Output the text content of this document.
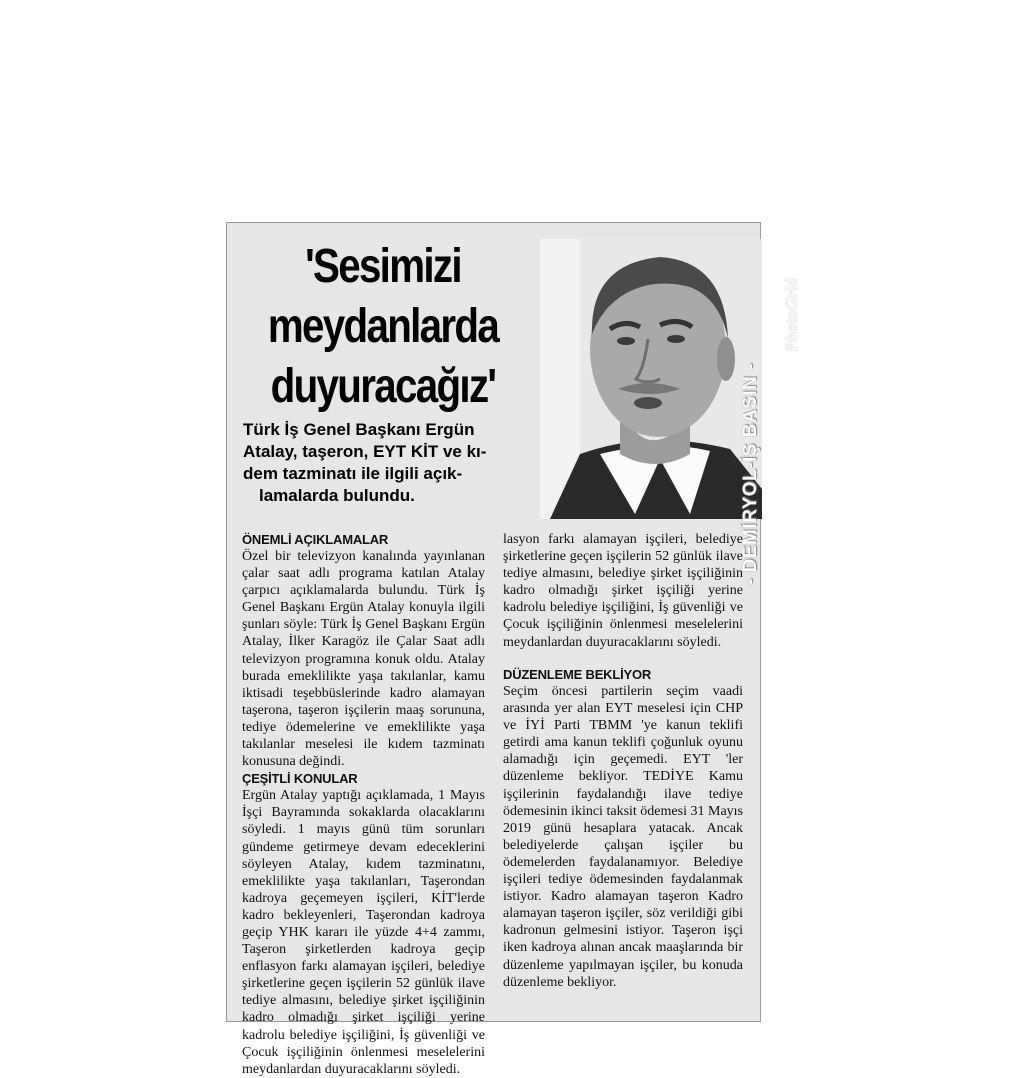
'Sesimizi
meydanlarda
duyuracağız'
Türk İş Genel Başkanı Ergün
Atalay, taşeron, EYT KİT ve kı-
dem tazminatı ile ilgili açık-
lamalarda bulundu.
ÖNEMLİ AÇIKLAMALAR

Özel bir televizyon kanalında yayınlanan çalar saat adlı programa katılan Atalay çarpıcı açıklamalarda bulundu. Türk İş Genel Başkanı Ergün Atalay konuyla ilgili şunları söyle: Türk İş Genel Başkanı Ergün Atalay, İlker Karagöz ile Çalar Saat adlı televizyon programına konuk oldu. Atalay burada emeklilikte yaşa takılanlar, kamu iktisadi teşebbüslerinde kadro alamayan taşerona, taşeron işçilerin maaş sorununa, tediye ödemelerine ve emeklilikte yaşa takılanlar meselesi ile kıdem tazminatı konusuna değindi.

ÇEŞİTLİ KONULAR

Ergün Atalay yaptığı açıklamada, 1 Mayıs İşçi Bayramında sokaklarda olacaklarını söyledi. 1 mayıs günü tüm sorunları gündeme getirmeye devam edeceklerini söyleyen Atalay, kıdem tazminatını, emeklilikte yaşa takılanları, Taşerondan kadroya geçemeyen işçileri, KİT'lerde kadro bekleyenleri, Taşerondan kadroya geçip YHK kararı ile yüzde 4+4 zammı, Taşeron şirketlerden kadroya geçip enflasyon farkı alamayan işçileri, belediye şirketlerine geçen işçilerin 52 günlük ilave tediye almasını, belediye şirket işçiliğinin kadro olmadığı şirket işçiliği yerine kadrolu belediye işçiliğini, İş güvenliği ve Çocuk işçiliğinin önlenmesi meselelerini meydanlardan duyuracaklarını söyledi.

lasyon farkı alamayan işçileri, belediye şirketlerine geçen işçilerin 52 günlük ilave tediye almasını, belediye şirket işçiliğinin kadro olmadığı şirket işçiliği yerine kadrolu belediye işçiliğini, İş güvenliği ve Çocuk işçiliğinin önlenmesi meselelerini meydanlardan duyuracaklarını söyledi.

DÜZENLEME BEKLİYOR

Seçim öncesi partilerin seçim vaadi arasında yer alan EYT meselesi için CHP ve İYİ Parti TBMM 'ye kanun teklifi getirdi ama kanun teklifi çoğunluk oyunu alamadığı için geçemedi. EYT 'ler düzenleme bekliyor. TEDİYE Kamu işçilerinin faydalandığı ilave tediye ödemesinin ikinci taksit ödemesi 31 Mayıs 2019 günü hesaplara yatacak. Ancak belediyelerde çalışan işçiler bu ödemelerden faydalanamıyor. Belediye işçileri tediye ödemesinden faydalanmak istiyor. Kadro alamayan taşeron Kadro alamayan taşeron işçiler, söz verildiği gibi kadronun gelmesini istiyor. Taşeron işçi iken kadroya alınan ancak maaşlarında bir düzenleme yapılmayan işçiler, bu konuda düzenleme bekliyor.

- DEMİRYOL-İŞ BASIN -
PhotoGrid
